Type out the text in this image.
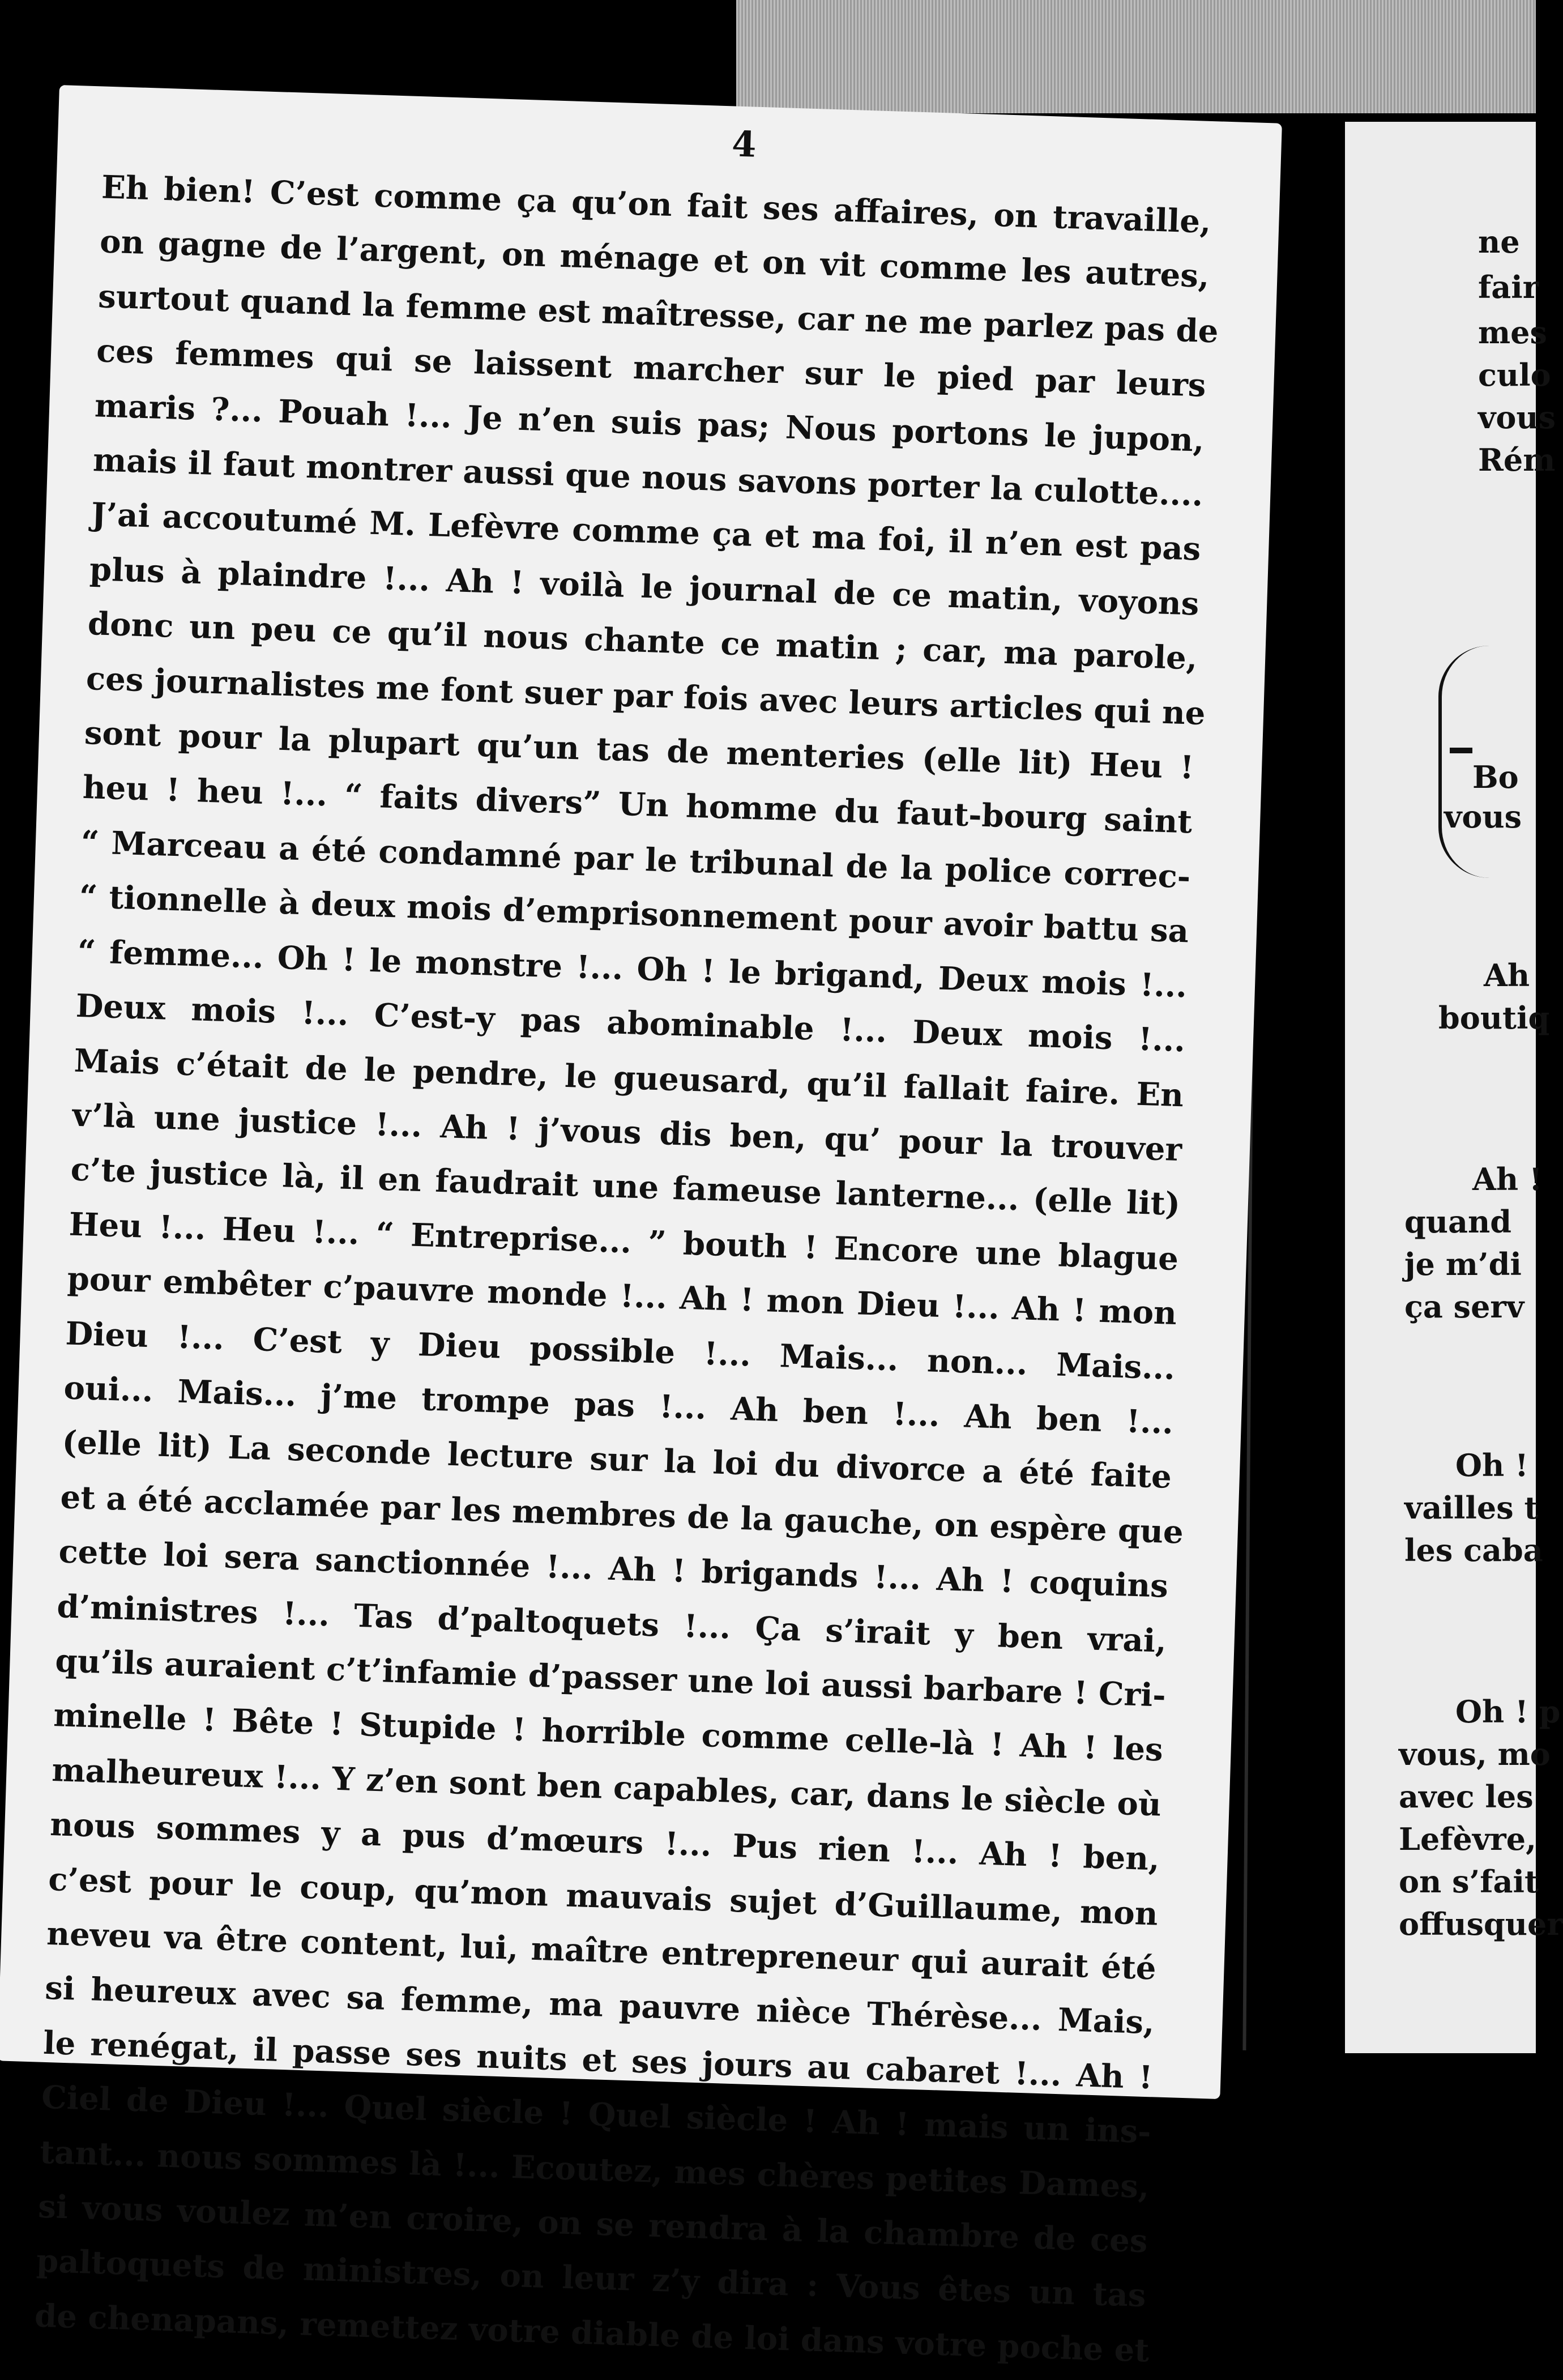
4
Eh bien! C’est comme ça qu’on fait ses affaires, on travaille,
on gagne de l’argent, on ménage et on vit comme les autres,
surtout quand la femme est maîtresse, car ne me parlez pas de
ces femmes qui se laissent marcher sur le pied par leurs
maris ?... Pouah !... Je n’en suis pas; Nous portons le jupon,
mais il faut montrer aussi que nous savons porter la culotte....
J’ai accoutumé M. Lefèvre comme ça et ma foi, il n’en est pas
plus à plaindre !... Ah ! voilà le journal de ce matin, voyons
donc un peu ce qu’il nous chante ce matin ; car, ma parole,
ces journalistes me font suer par fois avec leurs articles qui ne
sont pour la plupart qu’un tas de menteries (elle lit) Heu !
heu ! heu !... “ faits divers” Un homme du faut-bourg saint
“ Marceau a été condamné par le tribunal de la police correc-
“ tionnelle à deux mois d’emprisonnement pour avoir battu sa
“ femme... Oh ! le monstre !... Oh ! le brigand, Deux mois !...
Deux mois !... C’est-y pas abominable !... Deux mois !...
Mais c’était de le pendre, le gueusard, qu’il fallait faire. En
v’là une justice !... Ah ! j’vous dis ben, qu’ pour la trouver
c’te justice là, il en faudrait une fameuse lanterne... (elle lit)
Heu !... Heu !... “ Entreprise... ” bouth ! Encore une blague
pour embêter c’pauvre monde !... Ah ! mon Dieu !... Ah ! mon
Dieu !... C’est y Dieu possible !... Mais... non... Mais...
oui... Mais... j’me trompe pas !... Ah ben !... Ah ben !...
(elle lit) La seconde lecture sur la loi du divorce a été faite
et a été acclamée par les membres de la gauche, on espère que
cette loi sera sanctionnée !... Ah ! brigands !... Ah ! coquins
d’ministres !... Tas d’paltoquets !... Ça s’irait y ben vrai,
qu’ils auraient c’t’infamie d’passer une loi aussi barbare ! Cri-
minelle ! Bête ! Stupide ! horrible comme celle-là ! Ah ! les
malheureux !... Y z’en sont ben capables, car, dans le siècle où
nous sommes y a pus d’mœurs !... Pus rien !... Ah ! ben,
c’est pour le coup, qu’mon mauvais sujet d’Guillaume, mon
neveu va être content, lui, maître entrepreneur qui aurait été
si heureux avec sa femme, ma pauvre nièce Thérèse... Mais,
le renégat, il passe ses nuits et ses jours au cabaret !... Ah !
Ciel de Dieu !... Quel siècle ! Quel siècle ! Ah ! mais un ins-
tant... nous sommes là !... Ecoutez, mes chères petites Dames,
si vous voulez m’en croire, on se rendra à la chambre de ces
paltoquets de ministres, on leur z’y dira : Vous êtes un tas
de chenapans, remettez votre diable de loi dans votre poche et
ne
fair
mes
culo
vous
Rém
Bo
vous
Ah
boutiq
Ah !
quand
je m’di
ça serv
Oh !
vailles t
les caba
Oh ! p
vous, mo
avec les
Lefèvre,
on s’fait
offusquer
